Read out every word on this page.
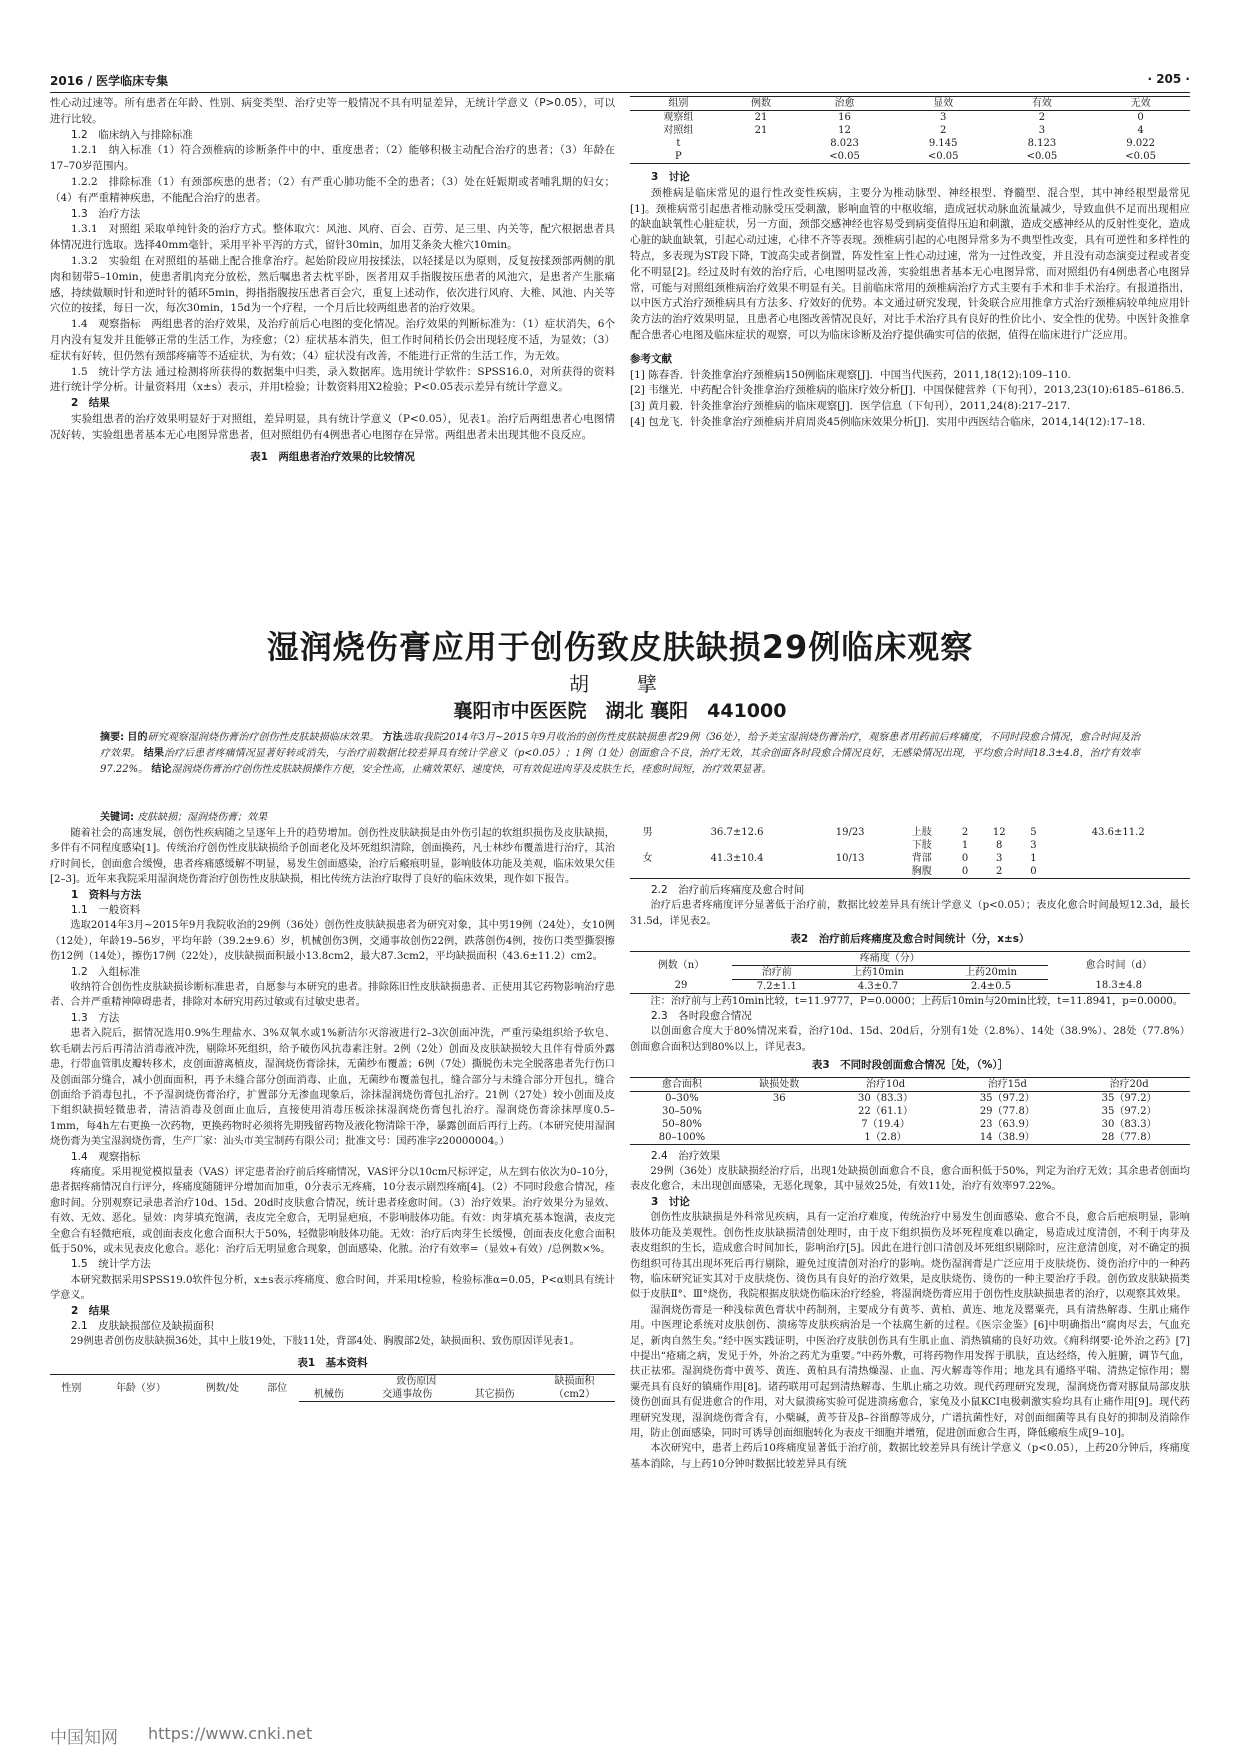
2016 / 医学临床专集	· 205 ·

性心动过速等。所有患者在年龄、性别、病变类型、治疗史等一般情况不具有明显差异，无统计学意义（P>0.05），可以进行比较。

1.2　临床纳入与排除标准

1.2.1　纳入标准（1）符合颈椎病的诊断条件中的中、重度患者；（2）能够积极主动配合治疗的患者；（3）年龄在17–70岁范围内。

1.2.2　排除标准（1）有颈部疾患的患者；（2）有严重心肺功能不全的患者；（3）处在妊娠期或者哺乳期的妇女；（4）有严重精神疾患，不能配合治疗的患者。

1.3　治疗方法

1.3.1　对照组 采取单纯针灸的治疗方式。整体取穴：风池、风府、百会、百劳、足三里、内关等，配穴根据患者具体情况进行选取。选择40mm毫针，采用平补平泻的方式，留针30min，加用艾条灸大椎穴10min。

1.3.2　实验组 在对照组的基础上配合推拿治疗。起始阶段应用按揉法，以轻揉是以为原则，反复按揉颈部两侧的肌肉和韧带5–10min，使患者肌肉充分放松，然后嘱患者去枕平卧，医者用双手指腹按压患者的风池穴，是患者产生胀痛感，持续做顺时针和逆时针的循环5min，拇指指腹按压患者百会穴，重复上述动作，依次进行风府、大椎、风池、内关等穴位的按揉，每日一次，每次30min，15d为一个疗程，一个月后比较两组患者的治疗效果。

1.4　观察指标　两组患者的治疗效果，及治疗前后心电图的变化情况。治疗效果的判断标准为：（1）症状消失，6个月内没有复发并且能够正常的生活工作，为痊愈；（2）症状基本消失，但工作时间稍长仍会出现轻度不适，为显效；（3）症状有好转，但仍然有颈部疼痛等不适症状，为有效；（4）症状没有改善，不能进行正常的生活工作，为无效。

1.5　统计学方法 通过检测将所获得的数据集中归类，录入数据库。选用统计学软件：SPSS16.0，对所获得的资料进行统计学分析。计量资料用（x±s）表示，并用t检验；计数资料用X2检验；P<0.05表示差异有统计学意义。

2　结果

实验组患者的治疗效果明显好于对照组，差异明显，具有统计学意义（P<0.05），见表1。治疗后两组患者心电图情况好转，实验组患者基本无心电图异常患者，但对照组仍有4例患者心电图存在异常。两组患者未出现其他不良反应。

表1　两组患者治疗效果的比较情况
组别	例数	治愈	显效	有效	无效
观察组	21	16	3	2	0
对照组	21	12	2	3	4
t		8.023	9.145	8.123	9.022
P		<0.05	<0.05	<0.05	<0.05

3　讨论

颈椎病是临床常见的退行性改变性疾病，主要分为椎动脉型、神经根型、脊髓型、混合型，其中神经根型最常见[1]。颈椎病常引起患者椎动脉受压受刺激，影响血管的中枢收缩，造成冠状动脉血流量减少，导致血供不足而出现相应的缺血缺氧性心脏症状，另一方面，颈部交感神经也容易受到病变值得压迫和刺激，造成交感神经从的反射性变化，造成心脏的缺血缺氧，引起心动过速，心律不齐等表现。颈椎病引起的心电图异常多为不典型性改变，具有可逆性和多样性的特点，多表现为ST段下降，T波高尖或者倒置，阵发性室上性心动过速，常为一过性改变，并且没有动态演变过程或者变化不明显[2]。经过及时有效的治疗后，心电图明显改善，实验组患者基本无心电图异常，而对照组仍有4例患者心电图异常，可能与对照组颈椎病治疗效果不明显有关。目前临床常用的颈椎病治疗方式主要有手术和非手术治疗。有报道指出，以中医方式治疗颈椎病具有方法多、疗效好的优势。本文通过研究发现，针灸联合应用推拿方式治疗颈椎病较单纯应用针灸方法的治疗效果明显，且患者心电图改善情况良好，对比手术治疗具有良好的性价比小、安全性的优势。中医针灸推拿配合患者心电图及临床症状的观察，可以为临床诊断及治疗提供确实可信的依据，值得在临床进行广泛应用。

参考文献

[1] 陈春香．针灸推拿治疗颈椎病150例临床观察[J]．中国当代医药，2011,18(12):109–110.

[2] 韦继光．中药配合针灸推拿治疗颈椎病的临床疗效分析[J]．中国保健营养（下旬刊），2013,23(10):6185–6186.5.

[3] 黄月毅．针灸推拿治疗颈椎病的临床观察[J]．医学信息（下旬刊），2011,24(8):217–217.

[4] 包龙飞．针灸推拿治疗颈椎病并肩周炎45例临床效果分析[J]．实用中西医结合临床，2014,14(12):17–18.

湿润烧伤膏应用于创伤致皮肤缺损29例临床观察
胡　擘
襄阳市中医医院　湖北 襄阳　441000
摘要: 目的研究观察湿润烧伤膏治疗创伤性皮肤缺损临床效果。 方法选取我院2014年3月~2015年9月收治的创伤性皮肤缺损患者29例（36处），给予美宝湿润烧伤膏治疗，观察患者用药前后疼痛度，不同时段愈合情况，愈合时间及治疗效果。 结果治疗后患者疼痛情况显著好转或消失，与治疗前数据比较差异具有统计学意义（p<0.05）；1例（1处）创面愈合不良，治疗无效，其余创面各时段愈合情况良好，无感染情况出现，平均愈合时间18.3±4.8，治疗有效率97.22%。 结论湿润烧伤膏治疗创伤性皮肤缺损操作方便，安全性高，止痛效果好、速度快，可有效促进肉芽及皮肤生长，痊愈时间短，治疗效果显著。
关键词: 皮肤缺损；湿润烧伤膏；效果

随着社会的高速发展，创伤性疾病随之呈逐年上升的趋势增加。创伤性皮肤缺损是由外伤引起的软组织损伤及皮肤缺损，多伴有不同程度感染[1]。传统治疗创伤性皮肤缺损给予创面老化及坏死组织清除，创面换药，凡士林纱布覆盖进行治疗，其治疗时间长，创面愈合缓慢，患者疼痛感缓解不明显，易发生创面感染，治疗后瘢痕明显，影响肢体功能及美观，临床效果欠佳[2–3]。近年来我院采用湿润烧伤膏治疗创伤性皮肤缺损，相比传统方法治疗取得了良好的临床效果，现作如下报告。

1　资料与方法

1.1　一般资料

选取2014年3月~2015年9月我院收治的29例（36处）创伤性皮肤缺损患者为研究对象，其中男19例（24处），女10例（12处），年龄19–56岁，平均年龄（39.2±9.6）岁，机械创伤3例，交通事故创伤22例，跌落创伤4例，按伤口类型撕裂擦伤12例（14处），擦伤17例（22处），皮肤缺损面积最小13.8cm2，最大87.3cm2，平均缺损面积（43.6±11.2）cm2。

1.2　入组标准

收纳符合创伤性皮肤缺损诊断标准患者，自愿参与本研究的患者。排除陈旧性皮肤缺损患者、正使用其它药物影响治疗患者、合并严重精神障碍患者，排除对本研究用药过敏或有过敏史患者。

1.3　方法

患者入院后，据情况选用0.9%生理盐水、3%双氧水或1%新洁尔灭溶液进行2–3次创面冲洗，严重污染组织给予软皂、软毛刷去污后再清洁消毒液冲洗，剔除坏死组织，给予破伤风抗毒素注射。2例（2处）创面及皮肤缺损较大且伴有骨质外露患，行带血管肌皮瓣转移术，皮创面游离植皮，湿润烧伤膏涂抹，无菌纱布覆盖；6例（7处）撕脱伤未完全脱落患者先行伤口及创面部分缝合，减小创面面积，再予未缝合部分创面消毒、止血，无菌纱布覆盖包扎，缝合部分与未缝合部分开包扎，缝合创面给予消毒包扎，不予湿润烧伤膏治疗，扩置部分无渗血现象后，涂抹湿润烧伤膏包扎治疗。21例（27处）较小创面及皮下组织缺损轻微患者，清洁消毒及创面止血后，直接使用消毒压板涂抹湿润烧伤膏包扎治疗。湿润烧伤膏涂抹厚度0.5–1mm，每4h左右更换一次药物，更换药物时必须将先期残留药物及液化物清除干净，暴露创面后再行上药。（本研究使用湿润烧伤膏为美宝湿润烧伤膏，生产厂家：汕头市美宝制药有限公司；批准文号：国药准字z20000004。）

1.4　观察指标

疼痛度。采用视觉模拟量表（VAS）评定患者治疗前后疼痛情况，VAS评分以10cm尺标评定，从左到右依次为0–10分，患者据疼痛情况自行评分，疼痛度随随评分增加而加重，0分表示无疼痛，10分表示剧烈疼痛[4]。（2）不同时段愈合情况，痊愈时间。分别观察记录患者治疗10d、15d、20d时皮肤愈合情况，统计患者痊愈时间。（3）治疗效果。治疗效果分为显效、有效、无效、恶化。显效：肉芽填充饱满，表皮完全愈合，无明显疤痕，不影响肢体功能。有效：肉芽填充基本饱满，表皮完全愈合有轻微疤痕，或创面表皮化愈合面积大于50%，轻微影响肢体功能。无效：治疗后肉芽生长缓慢，创面表皮化愈合面积低于50%，或未见表皮化愈合。恶化：治疗后无明显愈合现象，创面感染、化脓。治疗有效率=（显效+有效）/总例数×%。

1.5　统计学方法

本研究数据采用SPSS19.0软件包分析，x±s表示疼痛度、愈合时间，并采用t检验，检验标准α=0.05，P<α则具有统计学意义。

2　结果

2.1　皮肤缺损部位及缺损面积

29例患者创伤皮肤缺损36处，其中上肢19处，下肢11处，背部4处、胸腹部2处，缺损面积、致伤原因详见表1。

表1　基本资料
性别	年龄（岁）	例数/处	部位	致伤原因			缺损面积
				机械伤	交通事故伤	其它损伤	（cm2）
男	36.7±12.6	19/23	上肢	2	12	5	43.6±11.2
			下肢	1	8	3	
女	41.3±10.4	10/13	背部	0	3	1	
			胸腹	0	2	0	

2.2　治疗前后疼痛度及愈合时间

治疗后患者疼痛度评分显著低于治疗前，数据比较差异具有统计学意义（p<0.05）；表皮化愈合时间最短12.3d，最长31.5d，详见表2。

表2　治疗前后疼痛度及愈合时间统计（分，x±s）
例数（n）	疼痛度（分）			愈合时间（d）
	治疗前	上药10min	上药20min	
29	7.2±1.1	4.3±0.7	2.4±0.5	18.3±4.8

注：治疗前与上药10min比较，t=11.9777，P=0.0000；上药后10min与20min比较，t=11.8941，p=0.0000。

2.3　各时段愈合情况

以创面愈合度大于80%情况来看，治疗10d、15d、20d后，分别有1处（2.8%）、14处（38.9%）、28处（77.8%）创面愈合面积达到80%以上，详见表3。

表3　不同时段创面愈合情况［处，（%）］
愈合面积	缺损处数	治疗10d	治疗15d	治疗20d
0–30%	36	30（83.3）	35（97.2）	35（97.2）
30–50%		22（61.1）	29（77.8）	35（97.2）
50–80%		7（19.4）	23（63.9）	30（83.3）
80–100%		1（2.8）	14（38.9）	28（77.8）

2.4　治疗效果

29例（36处）皮肤缺损经治疗后，出现1处缺损创面愈合不良，愈合面积低于50%，判定为治疗无效；其余患者创面均表皮化愈合，未出现创面感染，无恶化现象，其中显效25处，有效11处，治疗有效率97.22%。

3　讨论

创伤性皮肤缺损是外科常见疾病，具有一定治疗难度，传统治疗中易发生创面感染、愈合不良，愈合后疤痕明显，影响肢体功能及美观性。创伤性皮肤缺损清创处理时，由于皮下组织损伤及坏死程度难以确定，易造成过度清创，不利于肉芽及表皮组织的生长，造成愈合时间加长，影响治疗[5]。因此在进行创口清创及坏死组织剔除时，应注意清创度，对不确定的损伤组织可待其出现坏死后再行剔除，避免过度清创对治疗的影响。烧伤湿润膏是广泛应用于皮肤烧伤、烫伤治疗中的一种药物，临床研究证实其对于皮肤烧伤、烫伤具有良好的治疗效果，是皮肤烧伤、烫伤的一种主要治疗手段。创伤致皮肤缺损类似于皮肤Ⅱ°、Ⅲ°烧伤，我院根据皮肤烧伤临床治疗经验，将湿润烧伤膏应用于创伤性皮肤缺损患者的治疗，以观察其效果。

湿润烧伤膏是一种浅棕黄色膏状中药制剂，主要成分有黄芩、黄柏、黄连、地龙及罂粟壳，具有清热解毒、生肌止痛作用。中医理论系统对皮肤创伤、溃疡等皮肤疾病治是一个祛腐生新的过程。《医宗金鉴》[6]中明确指出“腐肉尽去，气血充足，新肉自然生矣。”经中医实践证明，中医治疗皮肤创伤具有生肌止血、消热镇痛的良好功效。《痈科纲要·论外治之药》[7]中提出“疮痛之病，发见于外，外治之药尤为重要。”中药外敷，可将药物作用发挥于肌肤，直达经络，传入脏腑，调节气血，扶正祛邪。湿润烧伤膏中黄芩、黄连、黄柏具有清热燥湿、止血、泻火解毒等作用；地龙具有通络平喘、清热定惊作用；罂粟壳具有良好的镇痛作用[8]。诸药联用可起到清热解毒、生肌止痛之功效。现代药理研究发现，湿润烧伤膏对豚鼠局部皮肤烫伤创面具有促进愈合的作用，对大鼠溃疡实验可促进溃疡愈合，家兔及小鼠KCI电极刺激实验均具有止痛作用[9]。现代药理研究发现，湿润烧伤膏含有，小檗碱，黄芩苷及β–谷甾醇等成分，广谱抗菌性好，对创面细菌等具有良好的抑制及消除作用，防止创面感染，同时可诱导创面细胞转化为表皮干细胞并增殖，促进创面愈合生再，降低瘢痕生成[9–10]。

本次研究中，患者上药后10疼痛度显著低于治疗前，数据比较差异具有统计学意义（p<0.05），上药20分钟后，疼痛度基本消除，与上药10分钟时数据比较差异具有统

中国知网 https://www.cnki.net
